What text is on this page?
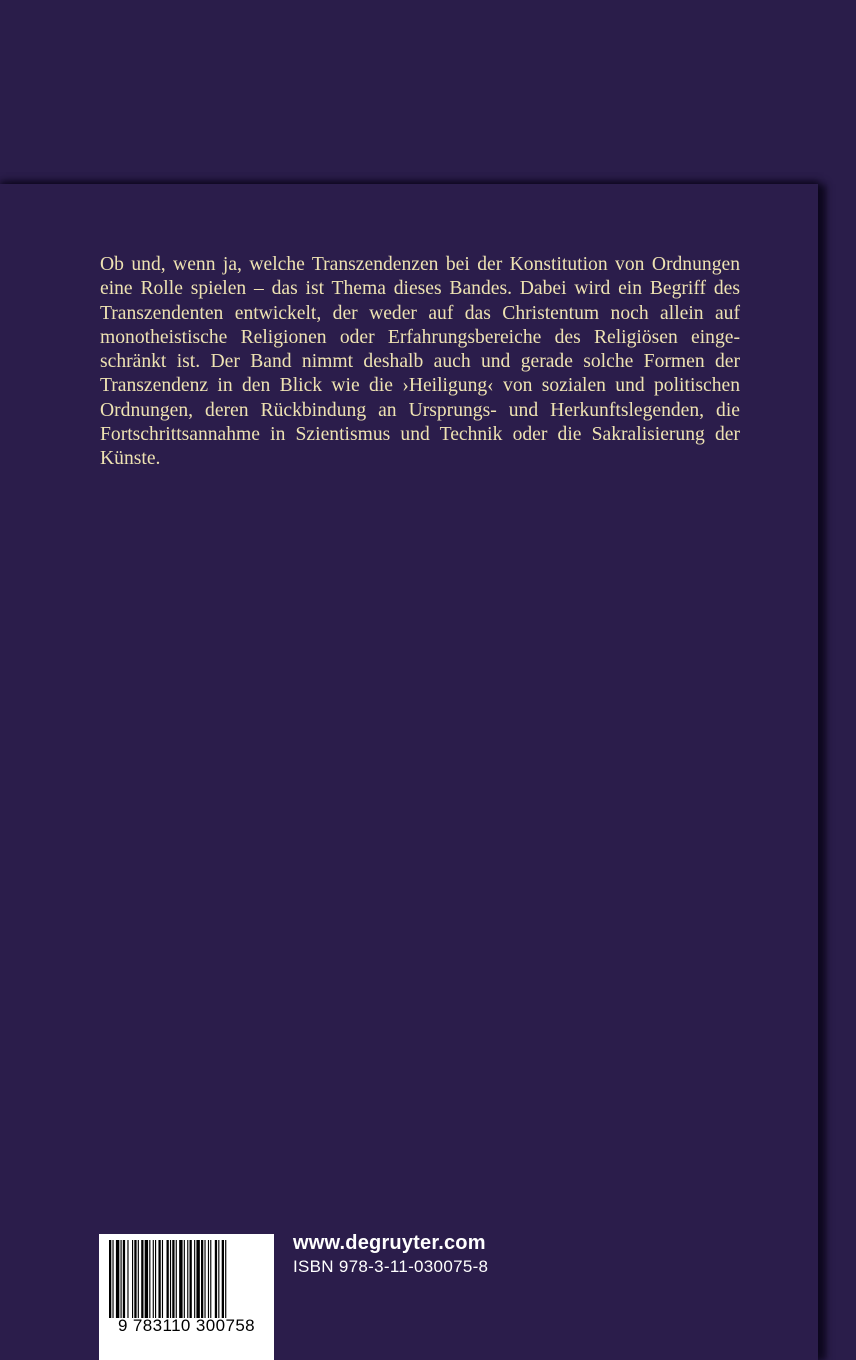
Ob und, wenn ja, welche Transzendenzen bei der Konstitution von Ordnungen eine Rolle spielen – das ist Thema dieses Bandes. Dabei wird ein Begriff des Transzendenten entwickelt, der weder auf das Christentum noch allein auf monotheistische Religionen oder Erfahrungsbereiche des Religiösen eingeschränkt ist. Der Band nimmt deshalb auch und gerade solche Formen der Transzendenz in den Blick wie die ›Heiligung‹ von sozialen und politischen Ordnungen, deren Rückbindung an Ursprungs- und Herkunftslegenden, die Fortschrittsannahme in Szientismus und Technik oder die Sakralisierung der Künste.

9 783110 300758
www.degruyter.com
ISBN 978-3-11-030075-8
